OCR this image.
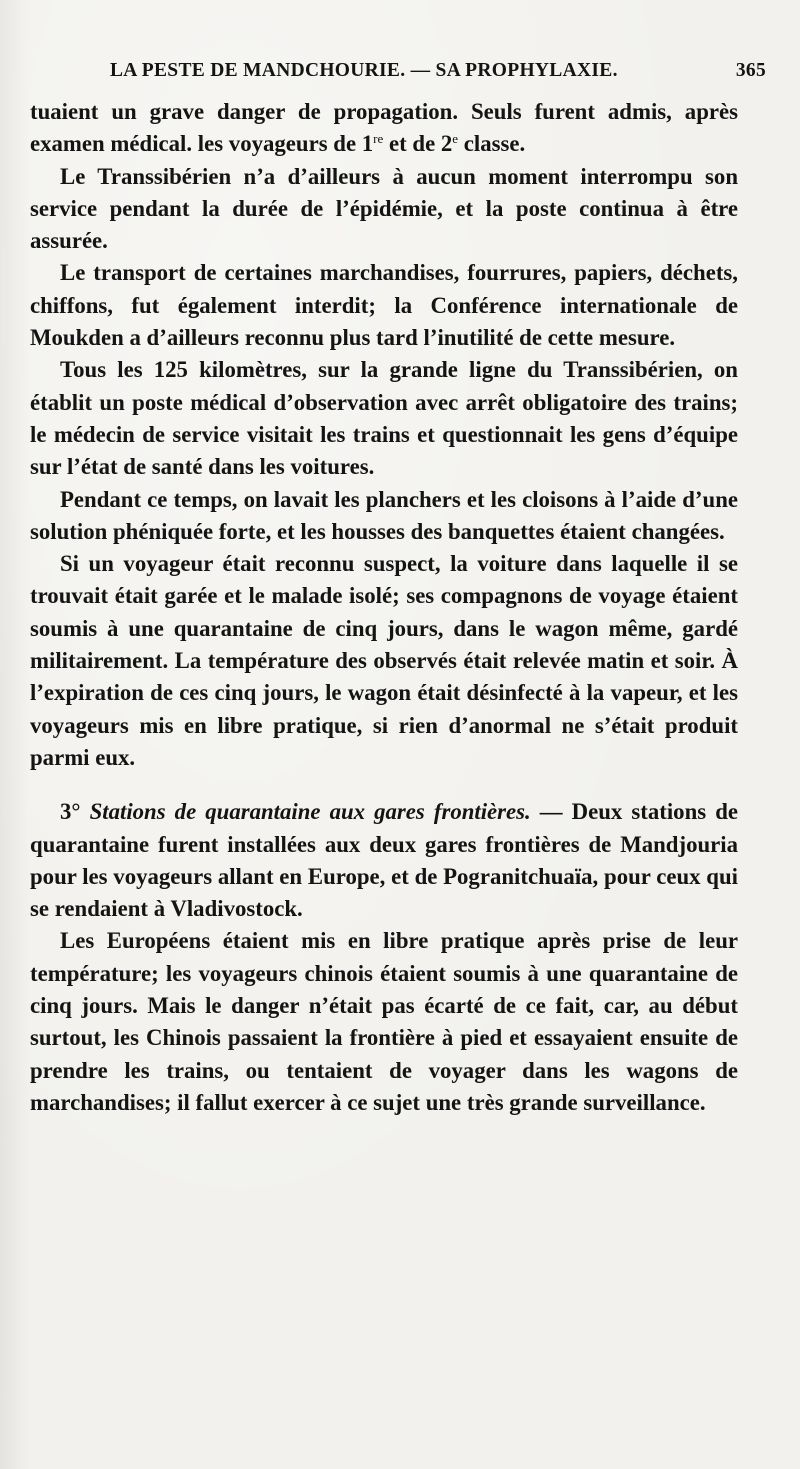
LA PESTE DE MANDCHOURIE. — SA PROPHYLAXIE.	365

tuaient un grave danger de propagation. Seuls furent admis, après examen médical. les voyageurs de 1re et de 2e classe.

Le Transsibérien n’a d’ailleurs à aucun moment interrompu son service pendant la durée de l’épidémie, et la poste continua à être assurée.

Le transport de certaines marchandises, fourrures, papiers, déchets, chiffons, fut également interdit; la Conférence internationale de Moukden a d’ailleurs reconnu plus tard l’inutilité de cette mesure.

Tous les 125 kilomètres, sur la grande ligne du Transsibérien, on établit un poste médical d’observation avec arrêt obligatoire des trains; le médecin de service visitait les trains et questionnait les gens d’équipe sur l’état de santé dans les voitures.

Pendant ce temps, on lavait les planchers et les cloisons à l’aide d’une solution phéniquée forte, et les housses des banquettes étaient changées.

Si un voyageur était reconnu suspect, la voiture dans laquelle il se trouvait était garée et le malade isolé; ses compagnons de voyage étaient soumis à une quarantaine de cinq jours, dans le wagon même, gardé militairement. La température des observés était relevée matin et soir. À l’expiration de ces cinq jours, le wagon était désinfecté à la vapeur, et les voyageurs mis en libre pratique, si rien d’anormal ne s’était produit parmi eux.

3° Stations de quarantaine aux gares frontières. — Deux stations de quarantaine furent installées aux deux gares frontières de Mandjouria pour les voyageurs allant en Europe, et de Pogranitchuaïa, pour ceux qui se rendaient à Vladivostock.

Les Européens étaient mis en libre pratique après prise de leur température; les voyageurs chinois étaient soumis à une quarantaine de cinq jours. Mais le danger n’était pas écarté de ce fait, car, au début surtout, les Chinois passaient la frontière à pied et essayaient ensuite de prendre les trains, ou tentaient de voyager dans les wagons de marchandises; il fallut exercer à ce sujet une très grande surveillance.
